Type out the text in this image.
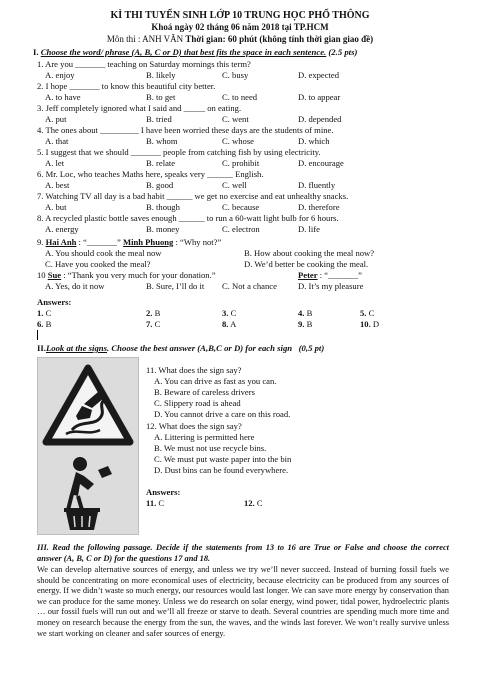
KÌ THI TUYỂN SINH LỚP 10 TRUNG HỌC PHỔ THÔNG
Khoá ngày 02 tháng 06 năm 2018 tại TP.HCM
Môn thi : ANH VĂN Thời gian: 60 phút (không tính thời gian giao đề)
I. Choose the word/ phrase (A, B, C or D) that best fits the space in each sentence. (2.5 pts)
1. Are you _______ teaching on Saturday mornings this term?
A. enjoy	B. likely	C. busy	D. expected
2. I hope _______ to know this beautiful city better.
A. to have	B. to get	C. to need	D. to appear
3. Jeff completely ignored what I said and _____ on eating.
A. put	B. tried	C. went	D. depended
4. The ones about _________ I have been worried these days are the students of mine.
A. that	B. whom	C. whose	D. which
5. I suggest that we should _______ people from catching fish by using electricity.
A. let	B. relate	C. prohibit	D. encourage
6. Mr. Loc, who teaches Maths here, speaks very ______ English.
A. best	B. good	C. well	D. fluently
7. Watching TV all day is a bad habit ______ we get no exercise and eat unhealthy snacks.
A. but	B. though	C. because	D. therefore
8. A recycled plastic bottle saves enough ______ to run a 60-watt light bulb for 6 hours.
A. energy	B. money	C. electron	D. life
9. Hai Anh : “_______” Minh Phuong : “Why not?”
A. You should cook the meal now	B. How about cooking the meal now?
C. Have you cooked the meal?	D. We’d better be cooking the meal.
10 Sue : “Thank you very much for your donation.”	Peter : “_______”
A. Yes, do it now	B. Sure, I’ll do it C. Not a chance D. It’s my pleasure
Answers:
1. C	2. B	3. C	4. B	5. C
6. B	7. C	8. A	9. B	10. D
II.Look at the signs. Choose the best answer (A,B,C or D) for each sign (0,5 pt)
11. What does the sign say?
A. You can drive as fast as you can.
B. Beware of careless drivers
C. Slippery road is ahead
D. You cannot drive a care on this road.
12. What does the sign say?
A. Littering is permitted here
B. We must not use recycle bins.
C. We must put waste paper into the bin
D. Dust bins can be found everywhere.
Answers:
11. C	12. C
III. Read the following passage. Decide if the statements from 13 to 16 are True or False and choose the correct answer (A, B, C or D) for the questions 17 and 18.
We can develop alternative sources of energy, and unless we try we’ll never succeed. Instead of burning fossil fuels we should be concentrating on more economical uses of electricity, because electricity can be produced from any sources of energy. If we didn’t waste so much energy, our resources would last longer. We can save more energy by conservation than we can produce for the same money. Unless we do research on solar energy, wind power, tidal power, hydroelectric plants … our fossil fuels will run out and we’ll all freeze or starve to death. Several countries are spending much more time and money on research because the energy from the sun, the waves, and the winds last forever. We won’t really survive unless we start working on cleaner and safer sources of energy.
